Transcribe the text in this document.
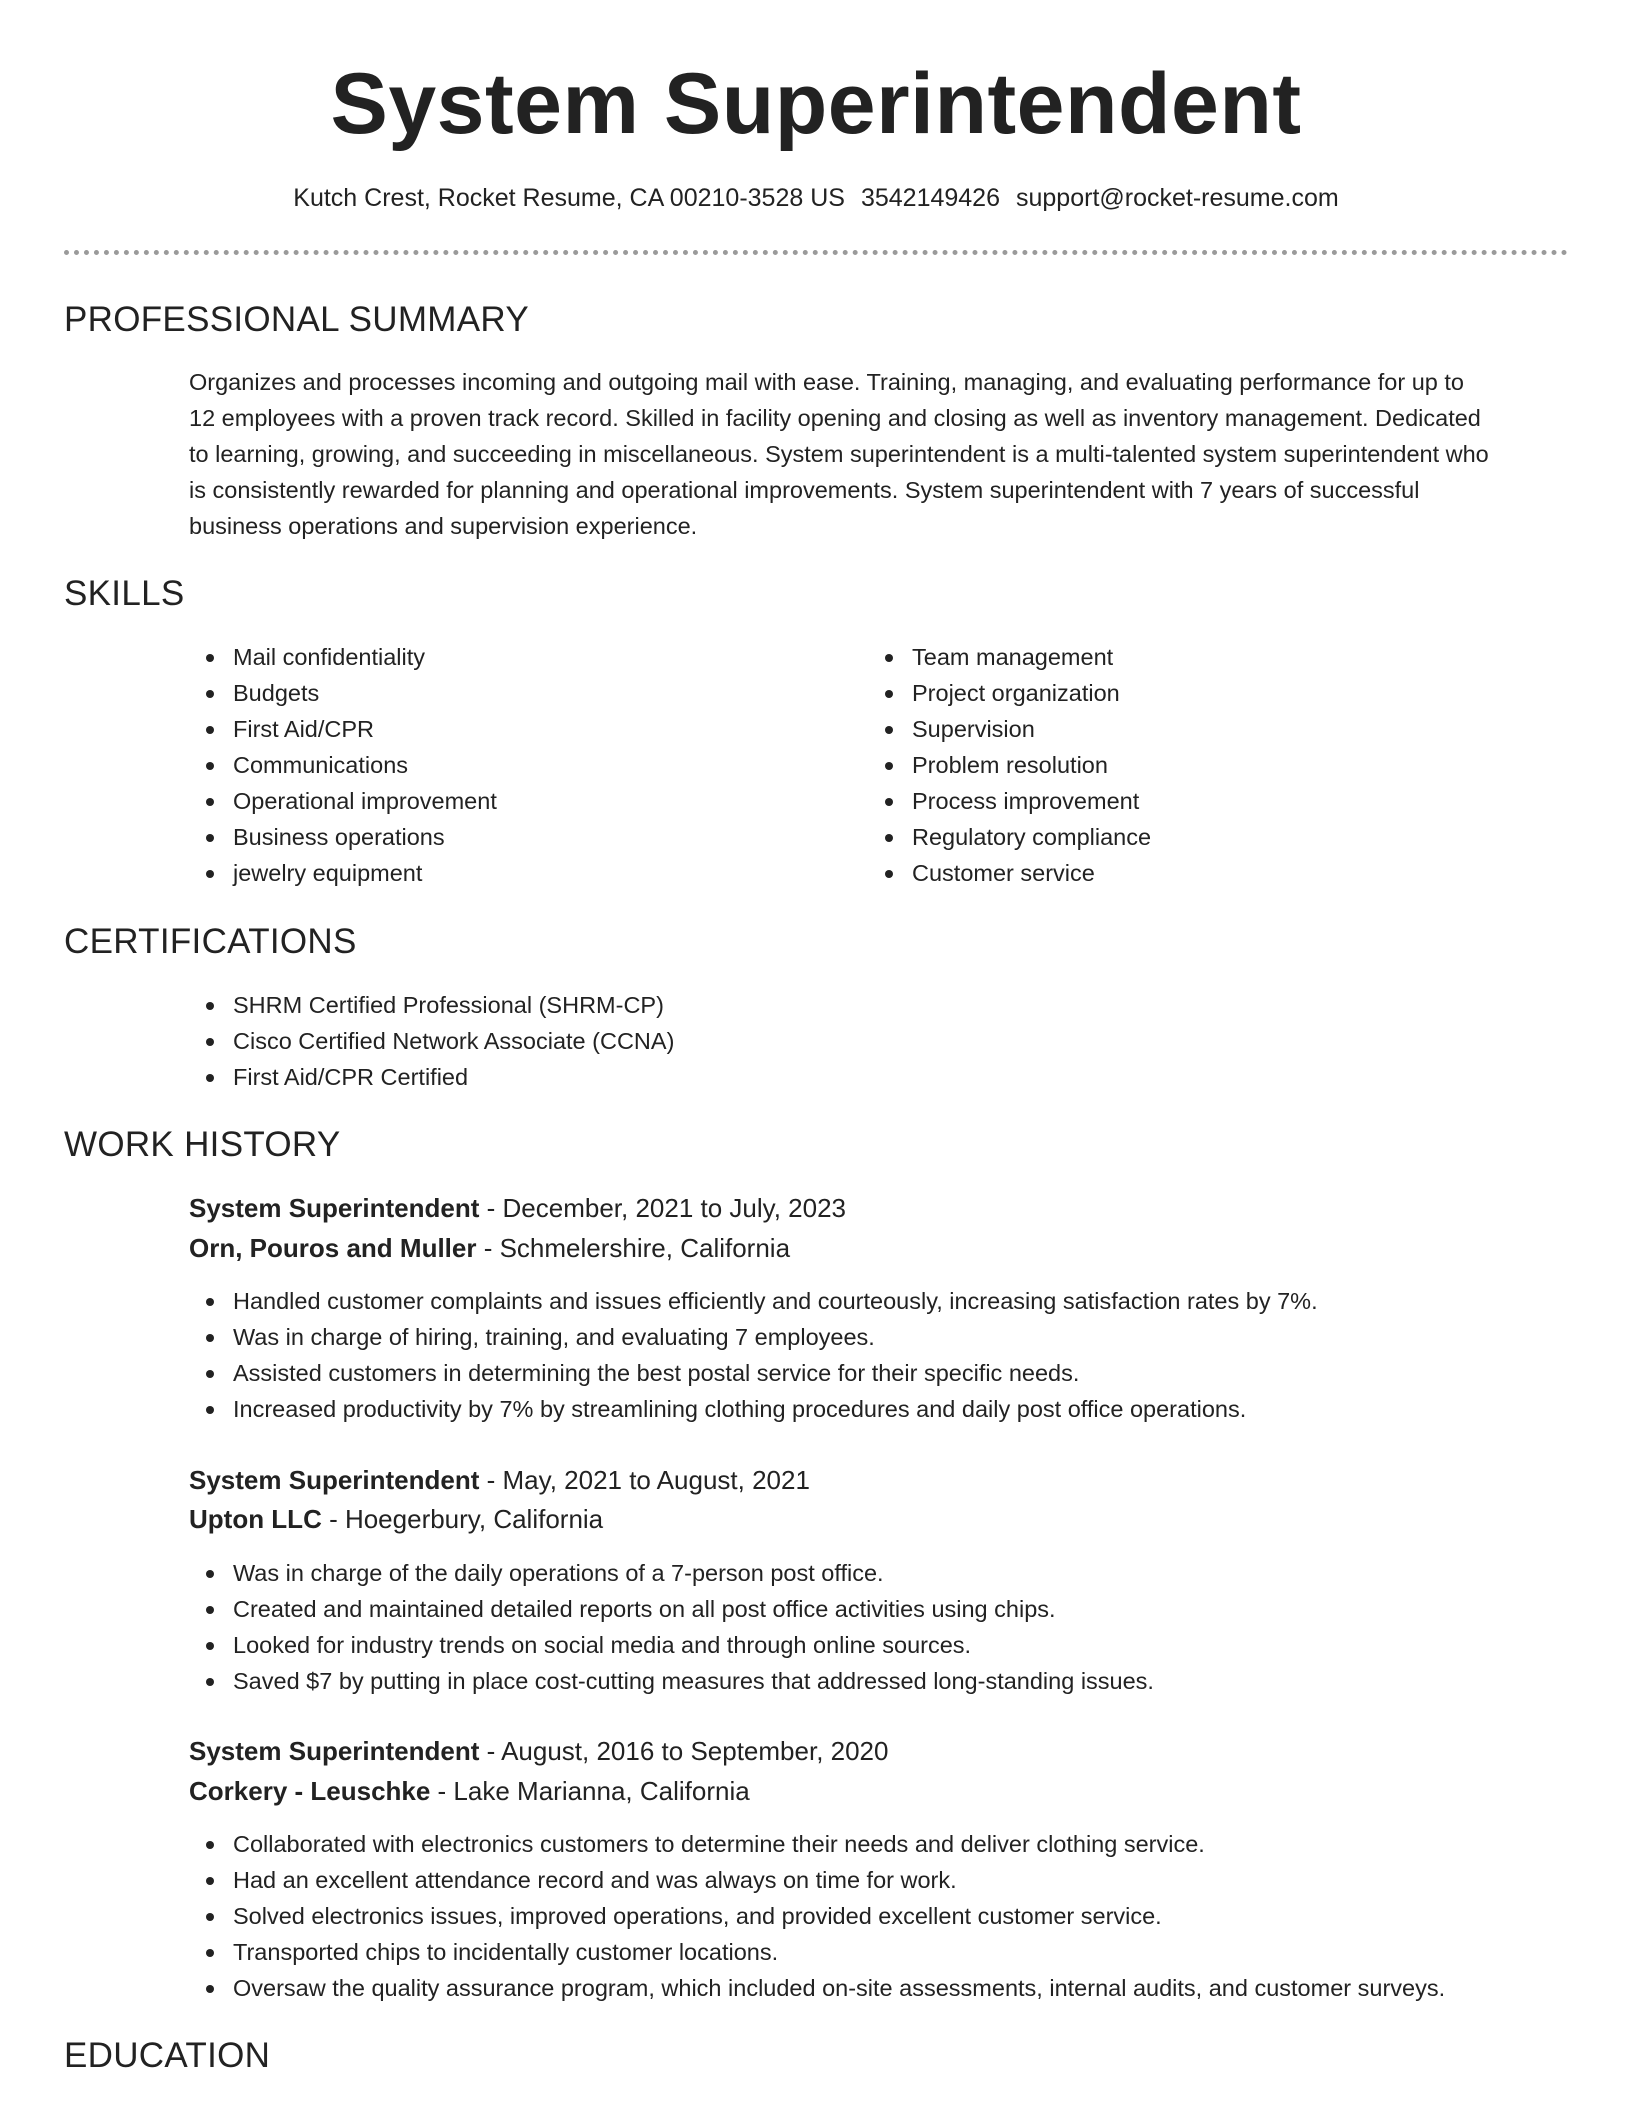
System Superintendent
Kutch Crest, Rocket Resume, CA 00210-3528 US 3542149426 support@rocket-resume.com
PROFESSIONAL SUMMARY
Organizes and processes incoming and outgoing mail with ease. Training, managing, and evaluating performance for up to
12 employees with a proven track record. Skilled in facility opening and closing as well as inventory management. Dedicated
to learning, growing, and succeeding in miscellaneous. System superintendent is a multi-talented system superintendent who
is consistently rewarded for planning and operational improvements. System superintendent with 7 years of successful
business operations and supervision experience.
SKILLS
Mail confidentiality
Budgets
First Aid/CPR
Communications
Operational improvement
Business operations
jewelry equipment
Team management
Project organization
Supervision
Problem resolution
Process improvement
Regulatory compliance
Customer service
CERTIFICATIONS
SHRM Certified Professional (SHRM-CP)
Cisco Certified Network Associate (CCNA)
First Aid/CPR Certified
WORK HISTORY
System Superintendent - December, 2021 to July, 2023
Orn, Pouros and Muller - Schmelershire, California
Handled customer complaints and issues efficiently and courteously, increasing satisfaction rates by 7%.
Was in charge of hiring, training, and evaluating 7 employees.
Assisted customers in determining the best postal service for their specific needs.
Increased productivity by 7% by streamlining clothing procedures and daily post office operations.
System Superintendent - May, 2021 to August, 2021
Upton LLC - Hoegerbury, California
Was in charge of the daily operations of a 7-person post office.
Created and maintained detailed reports on all post office activities using chips.
Looked for industry trends on social media and through online sources.
Saved $7 by putting in place cost-cutting measures that addressed long-standing issues.
System Superintendent - August, 2016 to September, 2020
Corkery - Leuschke - Lake Marianna, California
Collaborated with electronics customers to determine their needs and deliver clothing service.
Had an excellent attendance record and was always on time for work.
Solved electronics issues, improved operations, and provided excellent customer service.
Transported chips to incidentally customer locations.
Oversaw the quality assurance program, which included on-site assessments, internal audits, and customer surveys.
EDUCATION
